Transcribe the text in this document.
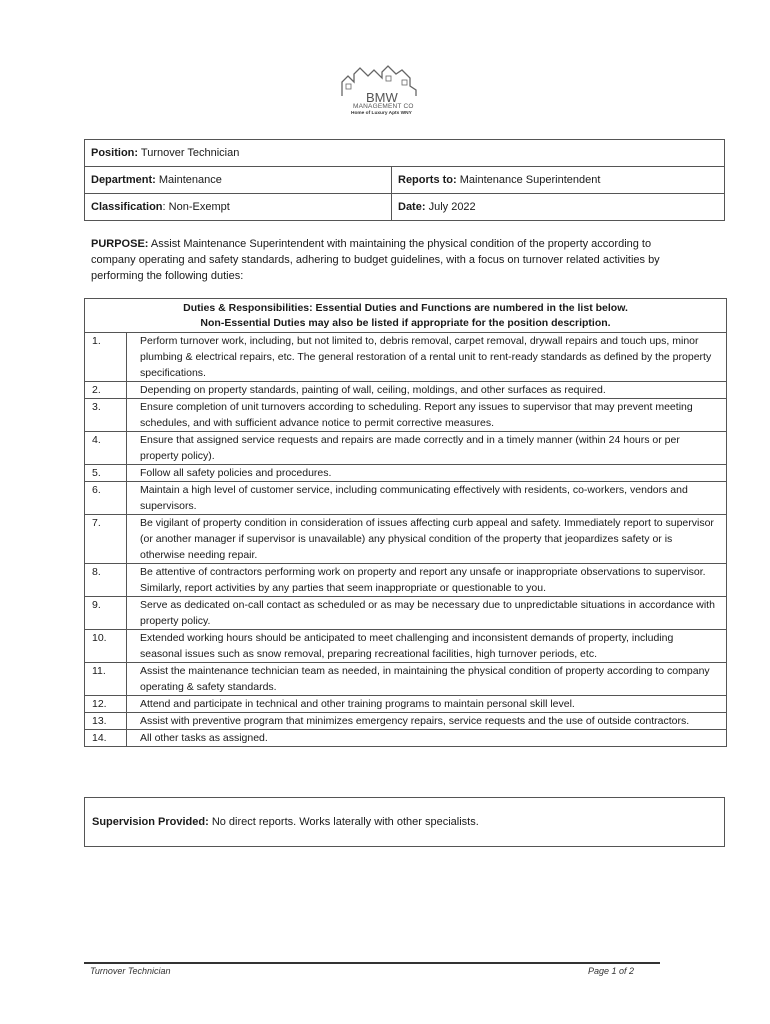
BMW
MANAGEMENT CO
Home of Luxury Apts WNY
Position: Turnover Technician	
Department: Maintenance	Reports to: Maintenance Superintendent
Classification: Non-Exempt	Date: July 2022
PURPOSE: Assist Maintenance Superintendent with maintaining the physical condition of the property according to company operating and safety standards, adhering to budget guidelines, with a focus on turnover related activities by performing the following duties:
Duties & Responsibilities: Essential Duties and Functions are numbered in the list below.
Non-Essential Duties may also be listed if appropriate for the position description.
1.	Perform turnover work, including, but not limited to, debris removal, carpet removal, drywall repairs and touch ups, minor plumbing & electrical repairs, etc. The general restoration of a rental unit to rent-ready standards as defined by the property specifications.
2.	Depending on property standards, painting of wall, ceiling, moldings, and other surfaces as required.
3.	Ensure completion of unit turnovers according to scheduling. Report any issues to supervisor that may prevent meeting schedules, and with sufficient advance notice to permit corrective measures.
4.	Ensure that assigned service requests and repairs are made correctly and in a timely manner (within 24 hours or per property policy).
5.	Follow all safety policies and procedures.
6.	Maintain a high level of customer service, including communicating effectively with residents, co-workers, vendors and supervisors.
7.	Be vigilant of property condition in consideration of issues affecting curb appeal and safety. Immediately report to supervisor (or another manager if supervisor is unavailable) any physical condition of the property that jeopardizes safety or is otherwise needing repair.
8.	Be attentive of contractors performing work on property and report any unsafe or inappropriate observations to supervisor. Similarly, report activities by any parties that seem inappropriate or questionable to you.
9.	Serve as dedicated on-call contact as scheduled or as may be necessary due to unpredictable situations in accordance with property policy.
10.	Extended working hours should be anticipated to meet challenging and inconsistent demands of property, including seasonal issues such as snow removal, preparing recreational facilities, high turnover periods, etc.
11.	Assist the maintenance technician team as needed, in maintaining the physical condition of property according to company operating & safety standards.
12.	Attend and participate in technical and other training programs to maintain personal skill level.
13.	Assist with preventive program that minimizes emergency repairs, service requests and the use of outside contractors.
14.	All other tasks as assigned.
Supervision Provided: No direct reports. Works laterally with other specialists.
Turnover Technician	Page 1 of 2
